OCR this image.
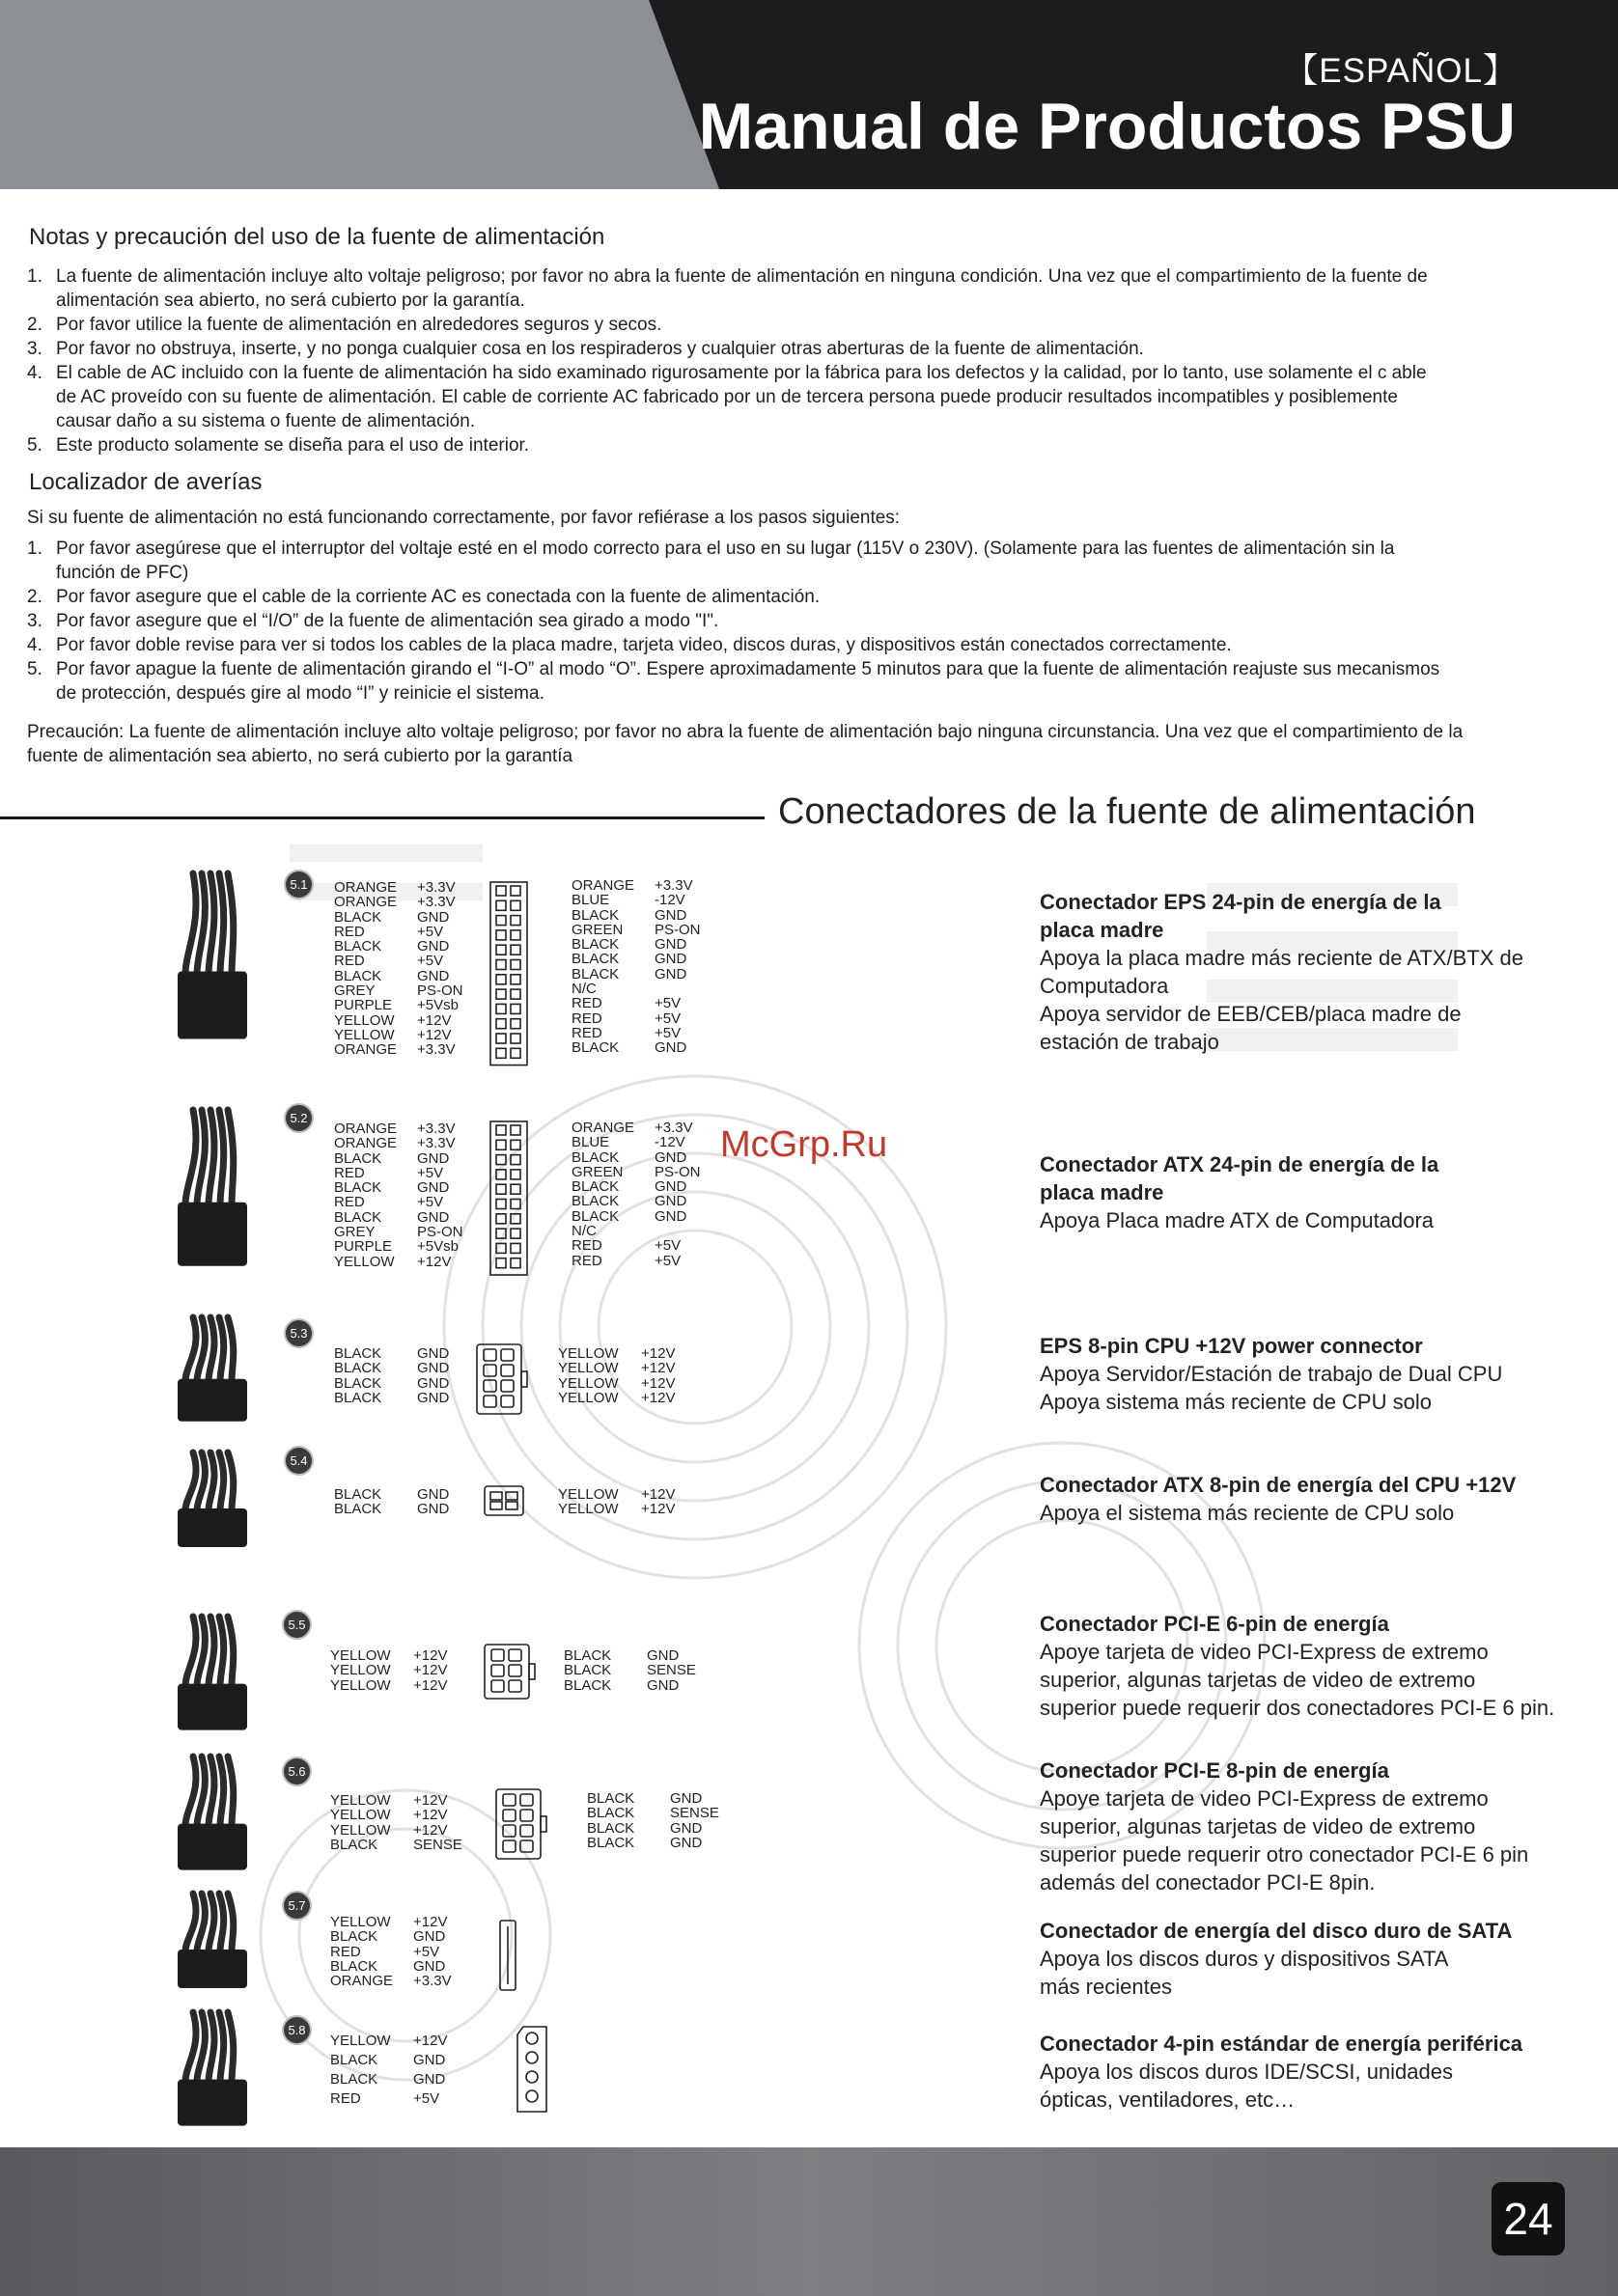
【ESPAÑOL】
Manual de Productos PSU
Notas y precaución del uso de la fuente de alimentación
1. La fuente de alimentación incluye alto voltaje peligroso; por favor no abra la fuente de alimentación en ninguna condición. Una vez que el compartimiento de la fuente de
alimentación sea abierto, no será cubierto por la garantía.
2. Por favor utilice la fuente de alimentación en alrededores seguros y secos.
3. Por favor no obstruya, inserte, y no ponga cualquier cosa en los respiraderos y cualquier otras aberturas de la fuente de alimentación.
4. El cable de AC incluido con la fuente de alimentación ha sido examinado rigurosamente por la fábrica para los defectos y la calidad, por lo tanto, use solamente el c able
de AC proveído con su fuente de alimentación. El cable de corriente AC fabricado por un de tercera persona puede producir resultados incompatibles y posiblemente
causar daño a su sistema o fuente de alimentación.
5. Este producto solamente se diseña para el uso de interior.
Localizador de averías
Si su fuente de alimentación no está funcionando correctamente, por favor refiérase a los pasos siguientes:
1. Por favor asegúrese que el interruptor del voltaje esté en el modo correcto para el uso en su lugar (115V o 230V). (Solamente para las fuentes de alimentación sin la
función de PFC)
2. Por favor asegure que el cable de la corriente AC es conectada con la fuente de alimentación.
3. Por favor asegure que el “I/O” de la fuente de alimentación sea girado a modo "I".
4. Por favor doble revise para ver si todos los cables de la placa madre, tarjeta video, discos duras, y dispositivos están conectados correctamente.
5. Por favor apague la fuente de alimentación girando el “I-O” al modo “O”. Espere aproximadamente 5 minutos para que la fuente de alimentación reajuste sus mecanismos
de protección, después gire al modo “I” y reinicie el sistema.
Precaución: La fuente de alimentación incluye alto voltaje peligroso; por favor no abra la fuente de alimentación bajo ninguna circunstancia. Una vez que el compartimiento de la
fuente de alimentación sea abierto, no será cubierto por la garantía
Conectadores de la fuente de alimentación
McGrp.Ru
5.1 ORANGE	+3.3V
ORANGE	+3.3V
BLACK	GND
RED	+5V
BLACK	GND
RED	+5V
BLACK	GND
GREY	PS-ON
PURPLE	+5Vsb
YELLOW	+12V
YELLOW	+12V
ORANGE	+3.3V
ORANGE	+3.3V
BLUE	-12V
BLACK	GND
GREEN	PS-ON
BLACK	GND
BLACK	GND
BLACK	GND
N/C
RED	+5V
RED	+5V
RED	+5V
BLACK	GND
Conectador EPS 24-pin de energía de la
placa madre
Apoya la placa madre más reciente de ATX/BTX de
Computadora
Apoya servidor de EEB/CEB/placa madre de
estación de trabajo
5.2
ORANGE	+3.3V
ORANGE	+3.3V
BLACK	GND
RED	+5V
BLACK	GND
RED	+5V
BLACK	GND
GREY	PS-ON
PURPLE	+5Vsb
YELLOW	+12V
ORANGE	+3.3V
BLUE	-12V
BLACK	GND
GREEN	PS-ON
BLACK	GND
BLACK	GND
BLACK	GND
N/C
RED	+5V
RED	+5V
Conectador ATX 24-pin de energía de la
placa madre
Apoya Placa madre ATX de Computadora
5.3
BLACK	GND
BLACK	GND
BLACK	GND
BLACK	GND
YELLOW	+12V
YELLOW	+12V
YELLOW	+12V
YELLOW	+12V
EPS 8-pin CPU +12V power connector
Apoya Servidor/Estación de trabajo de Dual CPU
Apoya sistema más reciente de CPU solo
5.4
BLACK	GND
BLACK	GND
YELLOW	+12V
YELLOW	+12V
Conectador ATX 8-pin de energía del CPU +12V
Apoya el sistema más reciente de CPU solo
5.5
YELLOW	+12V
YELLOW	+12V
YELLOW	+12V
BLACK	GND
BLACK	SENSE
BLACK	GND
Conectador PCI-E 6-pin de energía
Apoye tarjeta de video PCI-Express de extremo
superior, algunas tarjetas de video de extremo
superior puede requerir dos conectadores PCI-E 6 pin.
5.6
YELLOW	+12V
YELLOW	+12V
YELLOW	+12V
BLACK	SENSE
BLACK	GND
BLACK	SENSE
BLACK	GND
BLACK	GND
Conectador PCI-E 8-pin de energía
Apoye tarjeta de video PCI-Express de extremo
superior, algunas tarjetas de video de extremo
superior puede requerir otro conectador PCI-E 6 pin
además del conectador PCI-E 8pin.
5.7
YELLOW	+12V
BLACK	GND
RED	+5V
BLACK	GND
ORANGE	+3.3V
Conectador de energía del disco duro de SATA
Apoya los discos duros y dispositivos SATA
más recientes
5.8
YELLOW	+12V
BLACK	GND
BLACK	GND
RED	+5V
Conectador 4-pin estándar de energía periférica
Apoya los discos duros IDE/SCSI, unidades
ópticas, ventiladores, etc…
24
